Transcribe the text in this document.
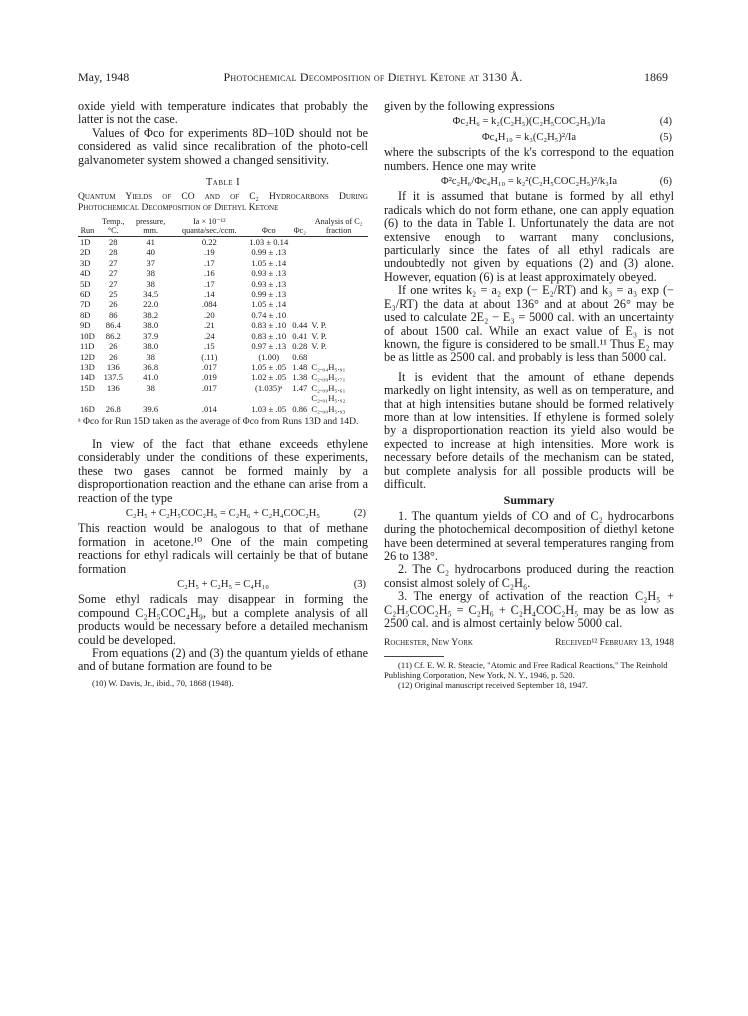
May, 1948	Photochemical Decomposition of Diethyl Ketone at 3130 Å.	1869

oxide yield with temperature indicates that probably the latter is not the case.

Values of Φco for experiments 8D–10D should not be considered as valid since recalibration of the photo-cell galvanometer system showed a changed sensitivity.

Table I
Quantum Yields of CO and of C₂ Hydrocarbons During Photochemical Decomposition of Diethyl Ketone
Run	Temp., °C.	pressure, mm.	Ia × 10⁻¹² quanta/sec./ccm.	Φco	Φc₂	Analysis of C₂ fraction
1D	28	41	0.22	1.03 ± 0.14		
2D	28	40	.19	0.99 ± .13		
3D	27	37	.17	1.05 ± .14		
4D	27	38	.16	0.93 ± .13		
5D	27	38	.17	0.93 ± .13		
6D	25	34.5	.14	0.99 ± .13		
7D	26	22.0	.084	1.05 ± .14		
8D	86	38.2	.20	0.74 ± .10		
9D	86.4	38.0	.21	0.83 ± .10	0.44	V. P.
10D	86.2	37.9	.24	0.83 ± .10	0.41	V. P.
11D	26	38.0	.15	0.97 ± .13	0.28	V. P.
12D	26	38	(.11)	(1.00)	0.68	
13D	136	36.8	.017	1.05 ± .05	1.48	C₂.₀₄H₅.₉₁
14D	137.5	41.0	.019	1.02 ± .05	1.38	C₂.₀₉H₅.₇₁
15D	136	38	.017	(1.035)ᵃ	1.47	C₂.₀₉H₅.₆₁
						C₂.₀₁H₅.₉₂
16D	26.8	39.6	.014	1.03 ± .05	0.86	C₂.₀₀H₅.₉₃

ᵃ Φco for Run 15D taken as the average of Φco from Runs 13D and 14D.

In view of the fact that ethane exceeds ethylene considerably under the conditions of these experiments, these two gases cannot be formed mainly by a disproportionation reaction and the ethane can arise from a reaction of the type

C₂H₅ + C₂H₅COC₂H₅ = C₂H₆ + C₂H₄COC₂H₅	(2)

This reaction would be analogous to that of methane formation in acetone.¹⁰ One of the main competing reactions for ethyl radicals will certainly be that of butane formation

C₂H₅ + C₂H₅ = C₄H₁₀	(3)

Some ethyl radicals may disappear in forming the compound C₂H₅COC₄H₉, but a complete analysis of all products would be necessary before a detailed mechanism could be developed.

From equations (2) and (3) the quantum yields of ethane and of butane formation are found to be

(10) W. Davis, Jr., ibid., 70, 1868 (1948).

given by the following expressions

Φc₂H₆ = k₂(C₂H₅)(C₂H₅COC₂H₅)/Ia	(4)
Φc₄H₁₀ = k₃(C₂H₅)²/Ia	(5)

where the subscripts of the k's correspond to the equation numbers. Hence one may write

Φ²c₂H₆/Φc₄H₁₀ = k₂²(C₂H₅COC₂H₅)²/k₃Ia	(6)

If it is assumed that butane is formed by all ethyl radicals which do not form ethane, one can apply equation (6) to the data in Table I. Unfortunately the data are not extensive enough to warrant many conclusions, particularly since the fates of all ethyl radicals are undoubtedly not given by equations (2) and (3) alone. However, equation (6) is at least approximately obeyed.

If one writes k₂ = a₂ exp (− E₂/RT) and k₃ = a₃ exp (− E₃/RT) the data at about 136° and at about 26° may be used to calculate 2E₂ − E₃ = 5000 cal. with an uncertainty of about 1500 cal. While an exact value of E₃ is not known, the figure is considered to be small.¹¹ Thus E₂ may be as little as 2500 cal. and probably is less than 5000 cal.

It is evident that the amount of ethane depends markedly on light intensity, as well as on temperature, and that at high intensities butane should be formed relatively more than at low intensities. If ethylene is formed solely by a disproportionation reaction its yield also would be expected to increase at high intensities. More work is necessary before details of the mechanism can be stated, but complete analysis for all possible products will be difficult.

Summary

1. The quantum yields of CO and of C₂ hydrocarbons during the photochemical decomposition of diethyl ketone have been determined at several temperatures ranging from 26 to 138°.

2. The C₂ hydrocarbons produced during the reaction consist almost solely of C₂H₆.

3. The energy of activation of the reaction C₂H₅ + C₂H₅COC₂H₅ = C₂H₆ + C₂H₄COC₂H₅ may be as low as 2500 cal. and is almost certainly below 5000 cal.

Rochester, New York	Received¹² February 13, 1948

(11) Cf. E. W. R. Steacie, "Atomic and Free Radical Reactions," The Reinhold Publishing Corporation, New York, N. Y., 1946, p. 520.

(12) Original manuscript received September 18, 1947.
